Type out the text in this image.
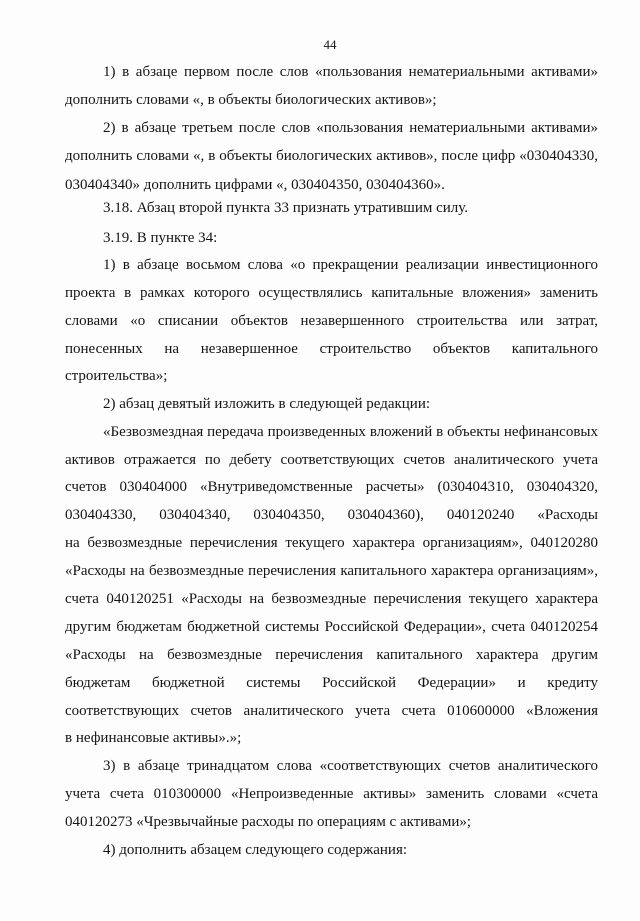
44
1) в абзаце первом после слов «пользования нематериальными активами»
дополнить словами «, в объекты биологических активов»;
2) в абзаце третьем после слов «пользования нематериальными активами»
дополнить словами «, в объекты биологических активов», после цифр «030404330,
030404340» дополнить цифрами «, 030404350, 030404360».
3.18. Абзац второй пункта 33 признать утратившим силу.
3.19. В пункте 34:
1) в абзаце восьмом слова «о прекращении реализации инвестиционного
проекта в рамках которого осуществлялись капитальные вложения» заменить
словами «о списании объектов незавершенного строительства или затрат,
понесенных на незавершенное строительство объектов капитального
строительства»;
2) абзац девятый изложить в следующей редакции:
«Безвозмездная передача произведенных вложений в объекты нефинансовых
активов отражается по дебету соответствующих счетов аналитического учета
счетов 030404000 «Внутриведомственные расчеты» (030404310, 030404320,
030404330, 030404340, 030404350, 030404360), 040120240 «Расходы
на безвозмездные перечисления текущего характера организациям», 040120280
«Расходы на безвозмездные перечисления капитального характера организациям»,
счета 040120251 «Расходы на безвозмездные перечисления текущего характера
другим бюджетам бюджетной системы Российской Федерации», счета 040120254
«Расходы на безвозмездные перечисления капитального характера другим
бюджетам бюджетной системы Российской Федерации» и кредиту
соответствующих счетов аналитического учета счета 010600000 «Вложения
в нефинансовые активы».»;
3) в абзаце тринадцатом слова «соответствующих счетов аналитического
учета счета 010300000 «Непроизведенные активы» заменить словами «счета
040120273 «Чрезвычайные расходы по операциям с активами»;
4) дополнить абзацем следующего содержания:
